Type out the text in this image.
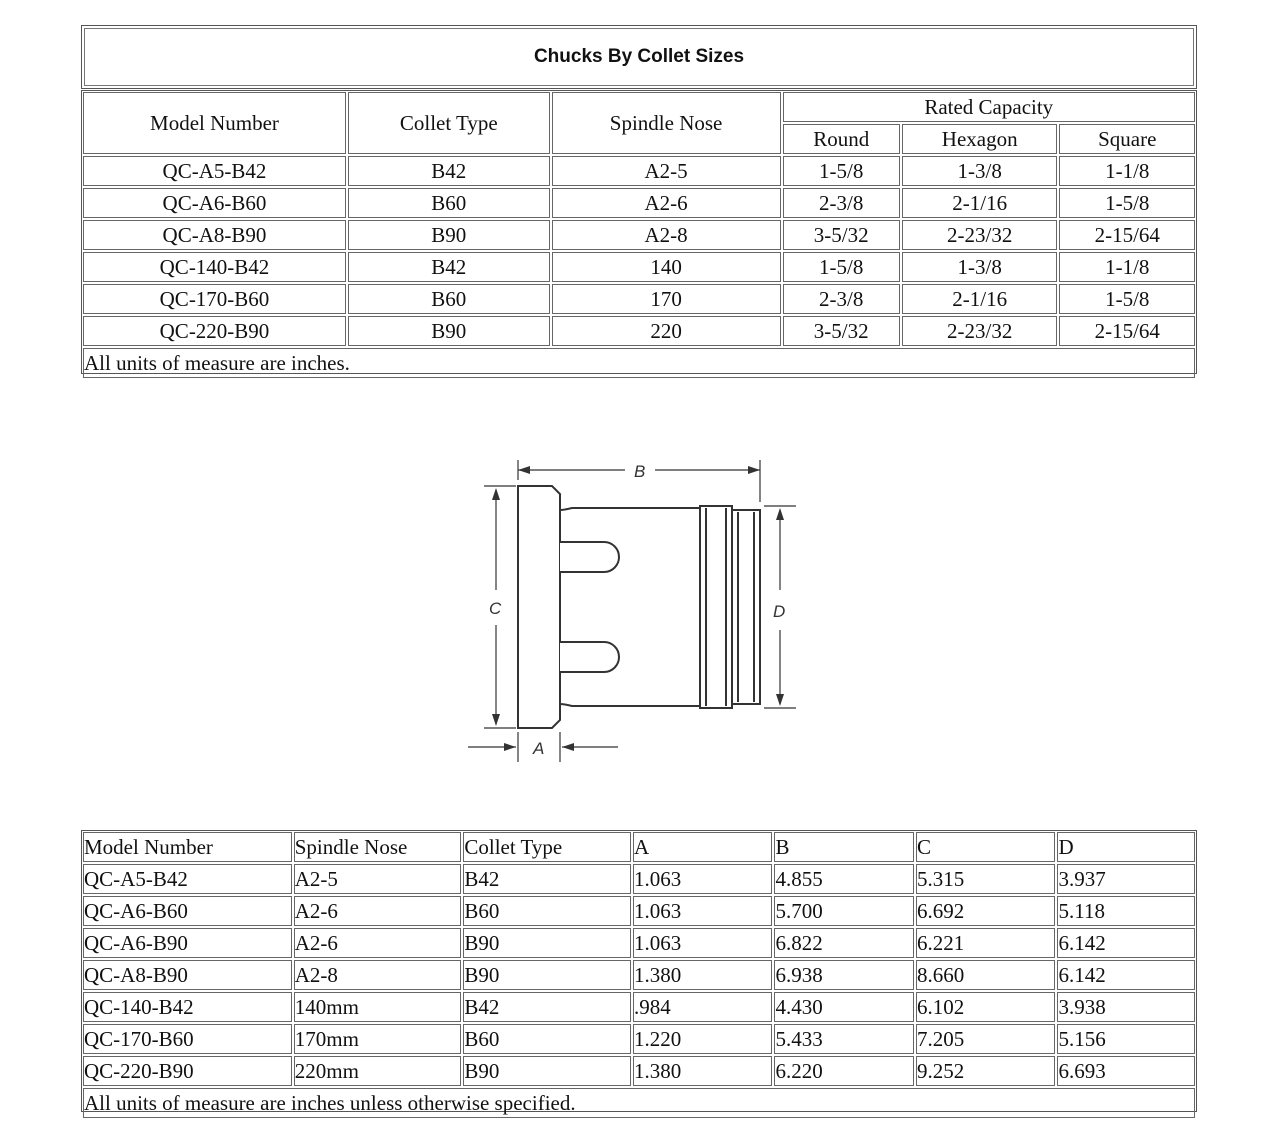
Chucks By Collet Sizes
Model Number	Collet Type	Spindle Nose	Rated Capacity		
			Round	Hexagon	Square
QC-A5-B42	B42	A2-5	1-5/8	1-3/8	1-1/8
QC-A6-B60	B60	A2-6	2-3/8	2-1/16	1-5/8
QC-A8-B90	B90	A2-8	3-5/32	2-23/32	2-15/64
QC-140-B42	B42	140	1-5/8	1-3/8	1-1/8
QC-170-B60	B60	170	2-3/8	2-1/16	1-5/8
QC-220-B90	B90	220	3-5/32	2-23/32	2-15/64
All units of measure are inches.					
B
C	D
A
Model Number	Spindle Nose	Collet Type	A	B	C	D
QC-A5-B42	A2-5	B42	1.063	4.855	5.315	3.937
QC-A6-B60	A2-6	B60	1.063	5.700	6.692	5.118
QC-A6-B90	A2-6	B90	1.063	6.822	6.221	6.142
QC-A8-B90	A2-8	B90	1.380	6.938	8.660	6.142
QC-140-B42	140mm	B42	.984	4.430	6.102	3.938
QC-170-B60	170mm	B60	1.220	5.433	7.205	5.156
QC-220-B90	220mm	B90	1.380	6.220	9.252	6.693
All units of measure are inches unless otherwise specified.						
